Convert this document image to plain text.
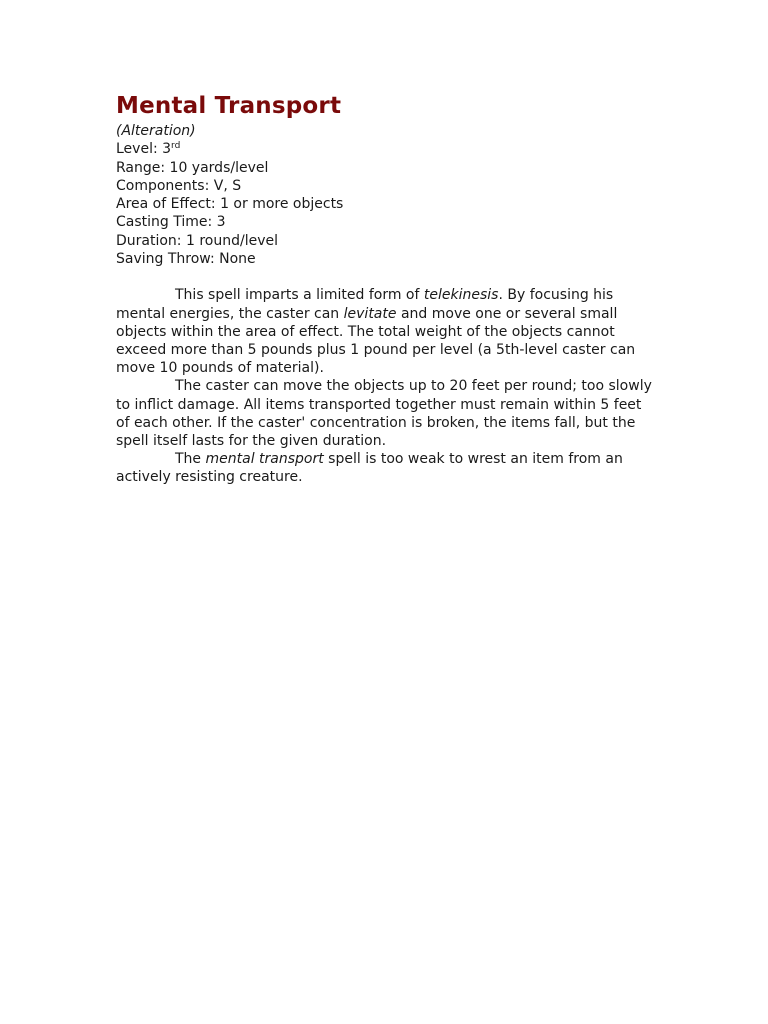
Mental Transport
(Alteration)
Level: 3rd
Range: 10 yards/level
Components: V, S
Area of Effect: 1 or more objects
Casting Time: 3
Duration: 1 round/level
Saving Throw: None

This spell imparts a limited form of telekinesis. By focusing his mental energies, the caster can levitate and move one or several small objects within the area of effect. The total weight of the objects cannot exceed more than 5 pounds plus 1 pound per level (a 5th-level caster can move 10 pounds of material).

The caster can move the objects up to 20 feet per round; too slowly to inflict damage. All items transported together must remain within 5 feet of each other. If the caster' concentration is broken, the items fall, but the spell itself lasts for the given duration.

The mental transport spell is too weak to wrest an item from an actively resisting creature.
